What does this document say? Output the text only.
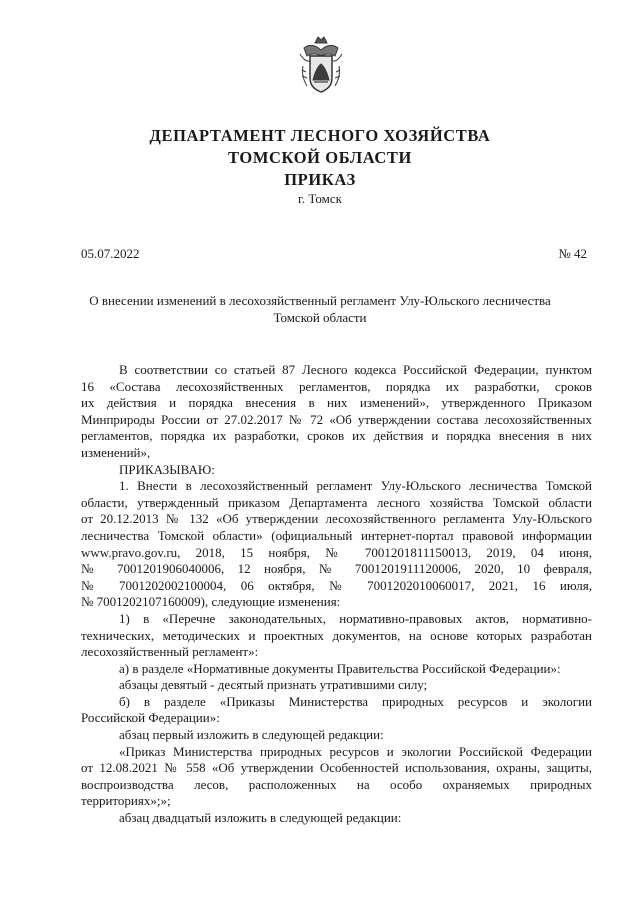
ДЕПАРТАМЕНТ ЛЕСНОГО ХОЗЯЙСТВА
ТОМСКОЙ ОБЛАСТИ
ПРИКАЗ
г. Томск
05.07.2022	№ 42
О внесении изменений в лесохозяйственный регламент Улу-Юльского лесничества
Томской области

В соответствии со статьей 87 Лесного кодекса Российской Федерации, пунктом

16 «Состава лесохозяйственных регламентов, порядка их разработки, сроков

их действия и порядка внесения в них изменений», утвержденного Приказом

Минприроды России от 27.02.2017 № 72 «Об утверждении состава лесохозяйственных

регламентов, порядка их разработки, сроков их действия и порядка внесения в них

изменений»,

ПРИКАЗЫВАЮ:

1. Внести в лесохозяйственный регламент Улу-Юльского лесничества Томской

области, утвержденный приказом Департамента лесного хозяйства Томской области

от 20.12.2013 № 132 «Об утверждении лесохозяйственного регламента Улу-Юльского

лесничества Томской области» (официальный интернет-портал правовой информации

www.pravo.gov.ru, 2018, 15 ноября, № 7001201811150013, 2019, 04 июня,

№ 7001201906040006, 12 ноября, № 7001201911120006, 2020, 10 февраля,

№ 7001202002100004, 06 октября, № 7001202010060017, 2021, 16 июля,

№ 7001202107160009), следующие изменения:

1) в «Перечне законодательных, нормативно-правовых актов, нормативно-

технических, методических и проектных документов, на основе которых разработан

лесохозяйственный регламент»:

а) в разделе «Нормативные документы Правительства Российской Федерации»:

абзацы девятый - десятый признать утратившими силу;

б) в разделе «Приказы Министерства природных ресурсов и экологии

Российской Федерации»:

абзац первый изложить в следующей редакции:

«Приказ Министерства природных ресурсов и экологии Российской Федерации

от 12.08.2021 № 558 «Об утверждении Особенностей использования, охраны, защиты,

воспроизводства лесов, расположенных на особо охраняемых природных

территориях»;»;

абзац двадцатый изложить в следующей редакции:
